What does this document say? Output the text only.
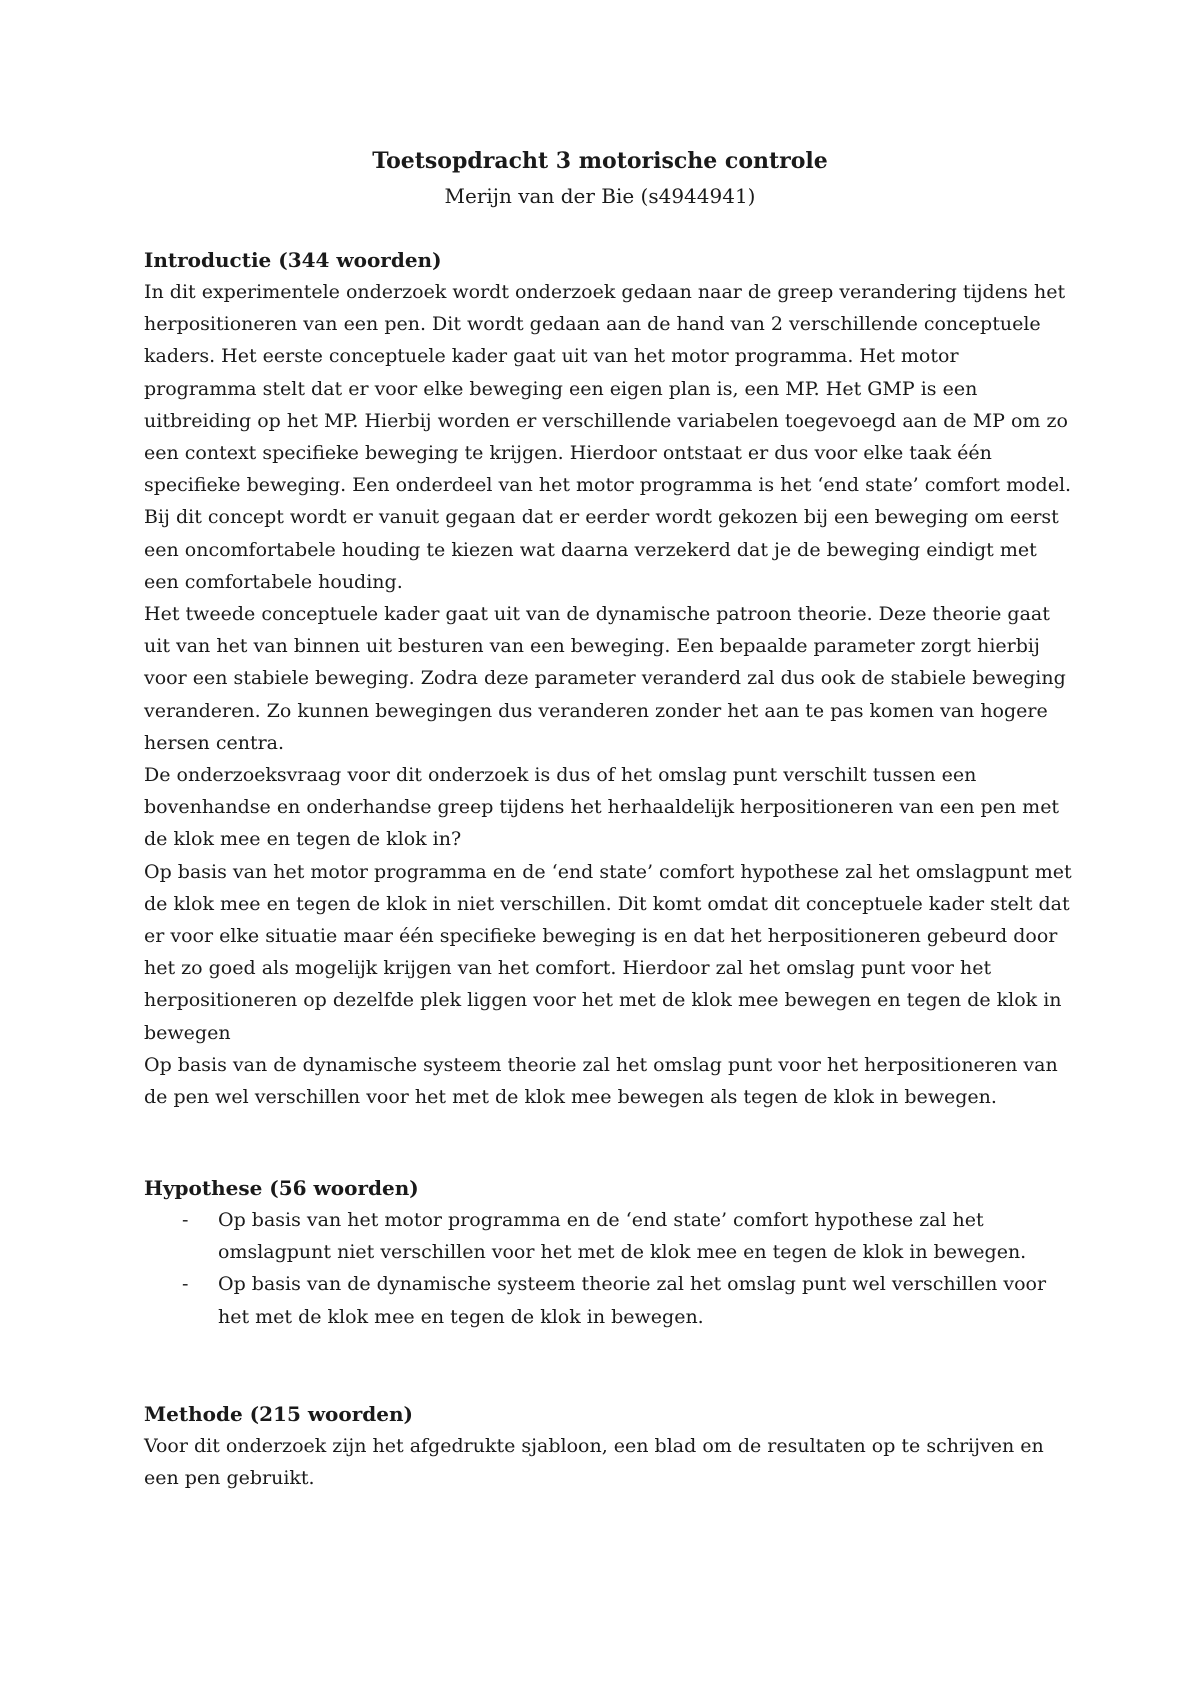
Toetsopdracht 3 motorische controle
Merijn van der Bie (s4944941)
Introductie (344 woorden)

In dit experimentele onderzoek wordt onderzoek gedaan naar de greep verandering tijdens het herpositioneren van een pen. Dit wordt gedaan aan de hand van 2 verschillende conceptuele kaders. Het eerste conceptuele kader gaat uit van het motor programma. Het motor programma stelt dat er voor elke beweging een eigen plan is, een MP. Het GMP is een uitbreiding op het MP. Hierbij worden er verschillende variabelen toegevoegd aan de MP om zo een context specifieke beweging te krijgen. Hierdoor ontstaat er dus voor elke taak één specifieke beweging. Een onderdeel van het motor programma is het ‘end state’ comfort model. Bij dit concept wordt er vanuit gegaan dat er eerder wordt gekozen bij een beweging om eerst een oncomfortabele houding te kiezen wat daarna verzekerd dat je de beweging eindigt met een comfortabele houding.

Het tweede conceptuele kader gaat uit van de dynamische patroon theorie. Deze theorie gaat uit van het van binnen uit besturen van een beweging. Een bepaalde parameter zorgt hierbij voor een stabiele beweging. Zodra deze parameter veranderd zal dus ook de stabiele beweging veranderen. Zo kunnen bewegingen dus veranderen zonder het aan te pas komen van hogere hersen centra.

De onderzoeksvraag voor dit onderzoek is dus of het omslag punt verschilt tussen een bovenhandse en onderhandse greep tijdens het herhaaldelijk herpositioneren van een pen met de klok mee en tegen de klok in?

Op basis van het motor programma en de ‘end state’ comfort hypothese zal het omslagpunt met de klok mee en tegen de klok in niet verschillen. Dit komt omdat dit conceptuele kader stelt dat er voor elke situatie maar één specifieke beweging is en dat het herpositioneren gebeurd door het zo goed als mogelijk krijgen van het comfort. Hierdoor zal het omslag punt voor het herpositioneren op dezelfde plek liggen voor het met de klok mee bewegen en tegen de klok in bewegen

Op basis van de dynamische systeem theorie zal het omslag punt voor het herpositioneren van de pen wel verschillen voor het met de klok mee bewegen als tegen de klok in bewegen.

Hypothese (56 woorden)
- Op basis van het motor programma en de ‘end state’ comfort hypothese zal het omslagpunt niet verschillen voor het met de klok mee en tegen de klok in bewegen.
- Op basis van de dynamische systeem theorie zal het omslag punt wel verschillen voor het met de klok mee en tegen de klok in bewegen.
Methode (215 woorden)

Voor dit onderzoek zijn het afgedrukte sjabloon, een blad om de resultaten op te schrijven en een pen gebruikt.
